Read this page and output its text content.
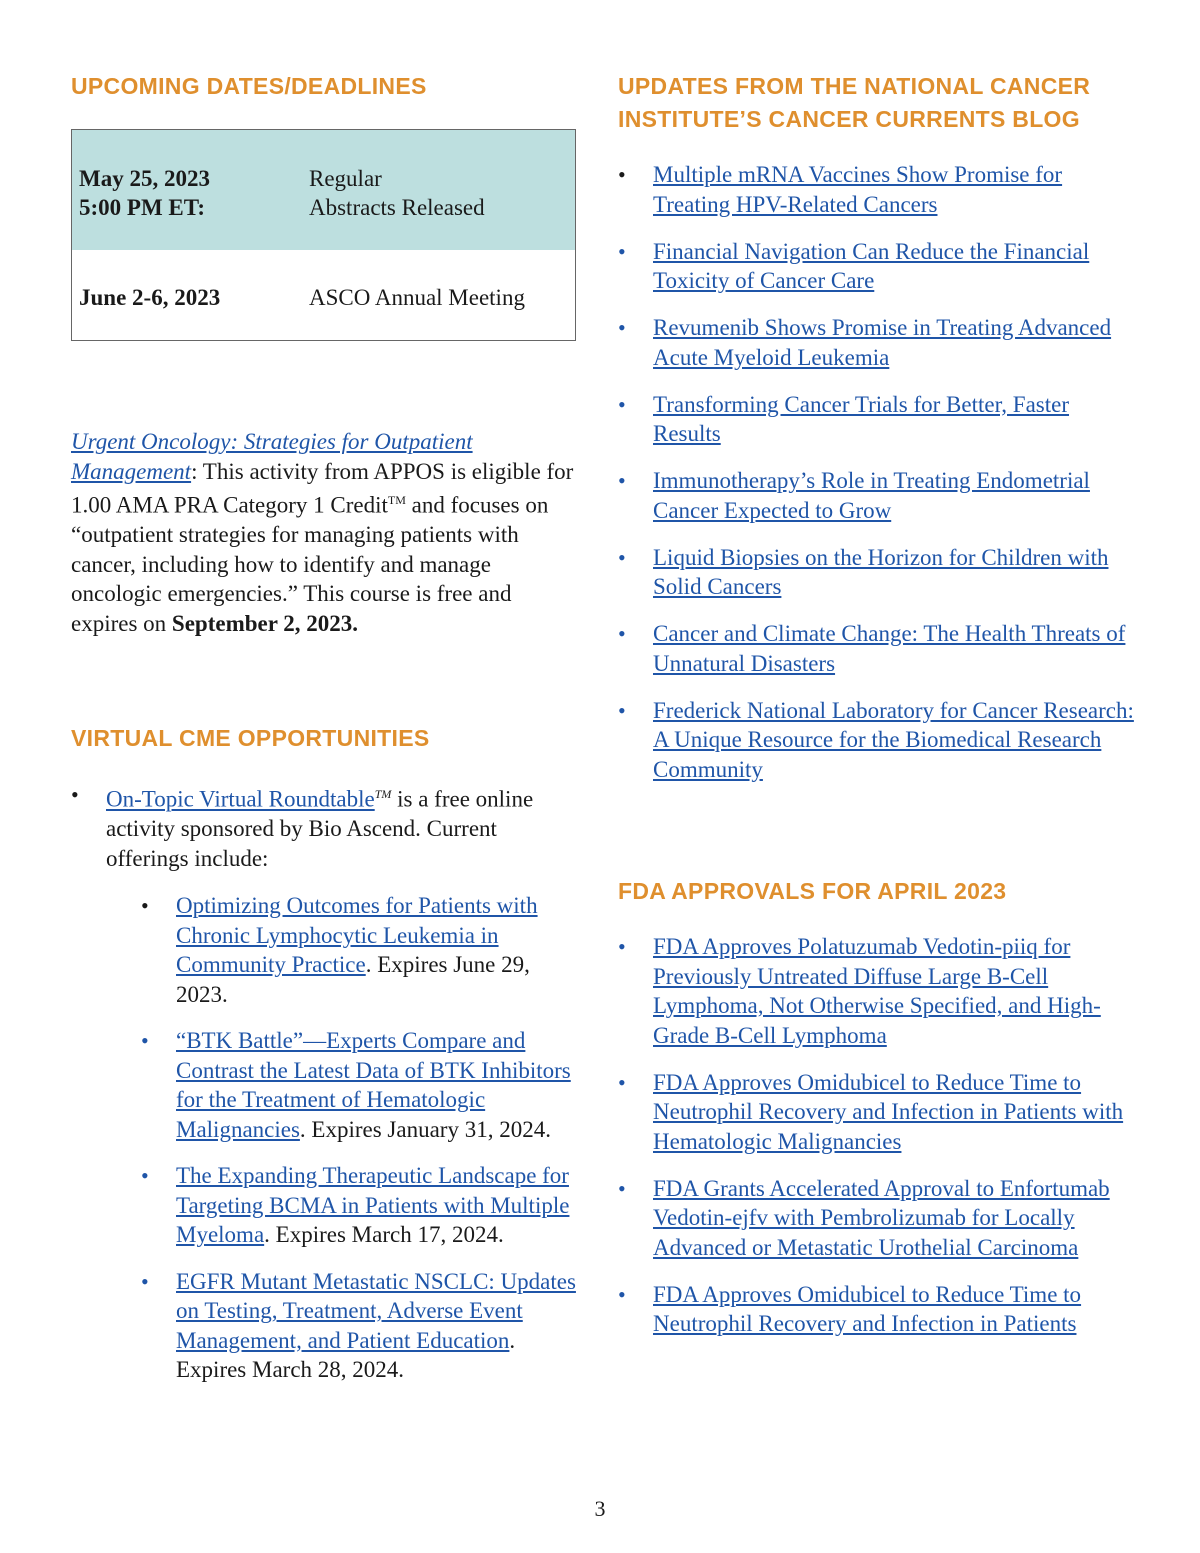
UPCOMING DATES/DEADLINES
May 25, 2023
5:00 PM ET:
Regular
Abstracts Released
June 2-6, 2023	ASCO Annual Meeting
Urgent Oncology: Strategies for Outpatient Management: This activity from APPOS is eligible for 1.00 AMA PRA Category 1 Credit™ and focuses on “outpatient strategies for managing patients with cancer, including how to identify and manage oncologic emergencies.” This course is free and expires on September 2, 2023.
VIRTUAL CME OPPORTUNITIES
• On-Topic Virtual Roundtable™ is a free online activity sponsored by Bio Ascend. Current offerings include:
• Optimizing Outcomes for Patients with Chronic Lymphocytic Leukemia in Community Practice. Expires June 29, 2023.
• “BTK Battle”—Experts Compare and Contrast the Latest Data of BTK Inhibitors for the Treatment of Hematologic Malignancies. Expires January 31, 2024.
• The Expanding Therapeutic Landscape for Targeting BCMA in Patients with Multiple Myeloma. Expires March 17, 2024.
• EGFR Mutant Metastatic NSCLC: Updates on Testing, Treatment, Adverse Event Management, and Patient Education. Expires March 28, 2024.
UPDATES FROM THE NATIONAL CANCER
INSTITUTE’S CANCER CURRENTS BLOG
• Multiple mRNA Vaccines Show Promise for Treating HPV-Related Cancers
• Financial Navigation Can Reduce the Financial Toxicity of Cancer Care
• Revumenib Shows Promise in Treating Advanced Acute Myeloid Leukemia
• Transforming Cancer Trials for Better, Faster Results
• Immunotherapy’s Role in Treating Endometrial Cancer Expected to Grow
• Liquid Biopsies on the Horizon for Children with Solid Cancers
• Cancer and Climate Change: The Health Threats of Unnatural Disasters
• Frederick National Laboratory for Cancer Research: A Unique Resource for the Biomedical Research Community
FDA APPROVALS FOR APRIL 2023
• FDA Approves Polatuzumab Vedotin-piiq for Previously Untreated Diffuse Large B-Cell Lymphoma, Not Otherwise Specified, and High-Grade B-Cell Lymphoma
• FDA Approves Omidubicel to Reduce Time to Neutrophil Recovery and Infection in Patients with Hematologic Malignancies
• FDA Grants Accelerated Approval to Enfortumab Vedotin-ejfv with Pembrolizumab for Locally Advanced or Metastatic Urothelial Carcinoma
• FDA Approves Omidubicel to Reduce Time to Neutrophil Recovery and Infection in Patients
3
